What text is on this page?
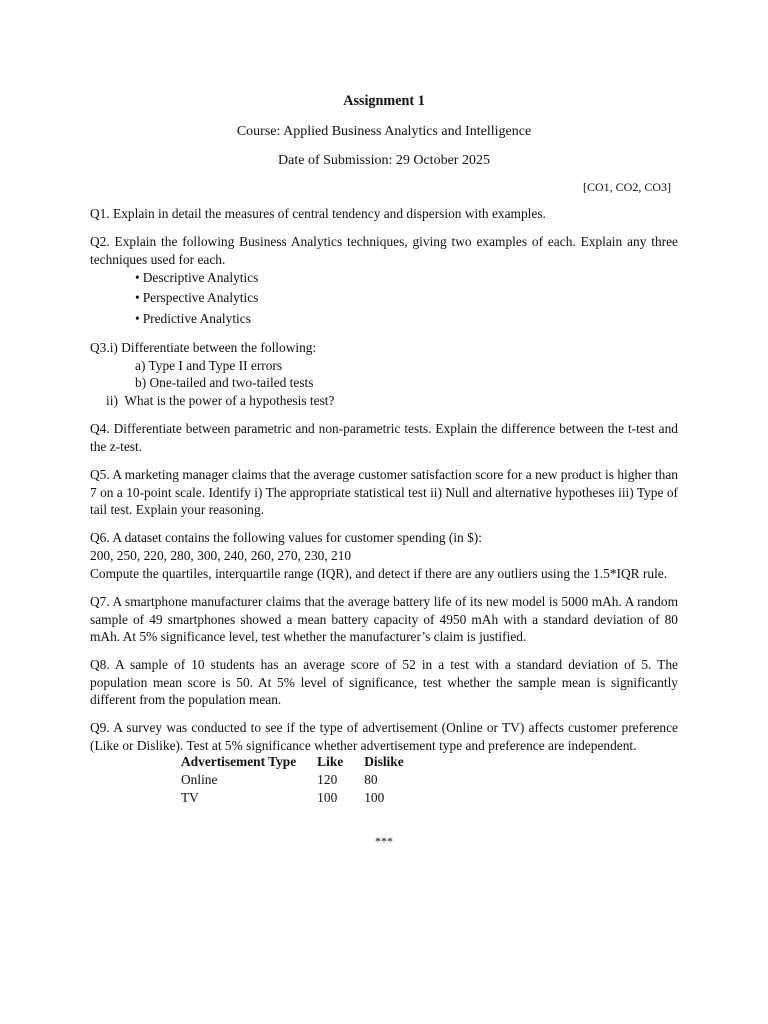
Assignment 1
Course: Applied Business Analytics and Intelligence
Date of Submission: 29 October 2025
[CO1, CO2, CO3]
Q1. Explain in detail the measures of central tendency and dispersion with examples.
Q2. Explain the following Business Analytics techniques, giving two examples of each. Explain any three techniques used for each.
• Descriptive Analytics
• Perspective Analytics
• Predictive Analytics
Q3.i) Differentiate between the following:
a) Type I and Type II errors
b) One-tailed and two-tailed tests
ii)  What is the power of a hypothesis test?
Q4. Differentiate between parametric and non-parametric tests. Explain the difference between the t-test and the z-test.
Q5. A marketing manager claims that the average customer satisfaction score for a new product is higher than 7 on a 10-point scale. Identify i) The appropriate statistical test ii) Null and alternative hypotheses iii) Type of tail test. Explain your reasoning.
Q6. A dataset contains the following values for customer spending (in $):
200, 250, 220, 280, 300, 240, 260, 270, 230, 210
Compute the quartiles, interquartile range (IQR), and detect if there are any outliers using the 1.5*IQR rule.
Q7. A smartphone manufacturer claims that the average battery life of its new model is 5000 mAh. A random sample of 49 smartphones showed a mean battery capacity of 4950 mAh with a standard deviation of 80 mAh. At 5% significance level, test whether the manufacturer’s claim is justified.
Q8. A sample of 10 students has an average score of 52 in a test with a standard deviation of 5. The population mean score is 50. At 5% level of significance, test whether the sample mean is significantly different from the population mean.
Q9. A survey was conducted to see if the type of advertisement (Online or TV) affects customer preference (Like or Dislike). Test at 5% significance whether advertisement type and preference are independent.
Advertisement Type	Like	Dislike
Online	120	80
TV	100	100
***
